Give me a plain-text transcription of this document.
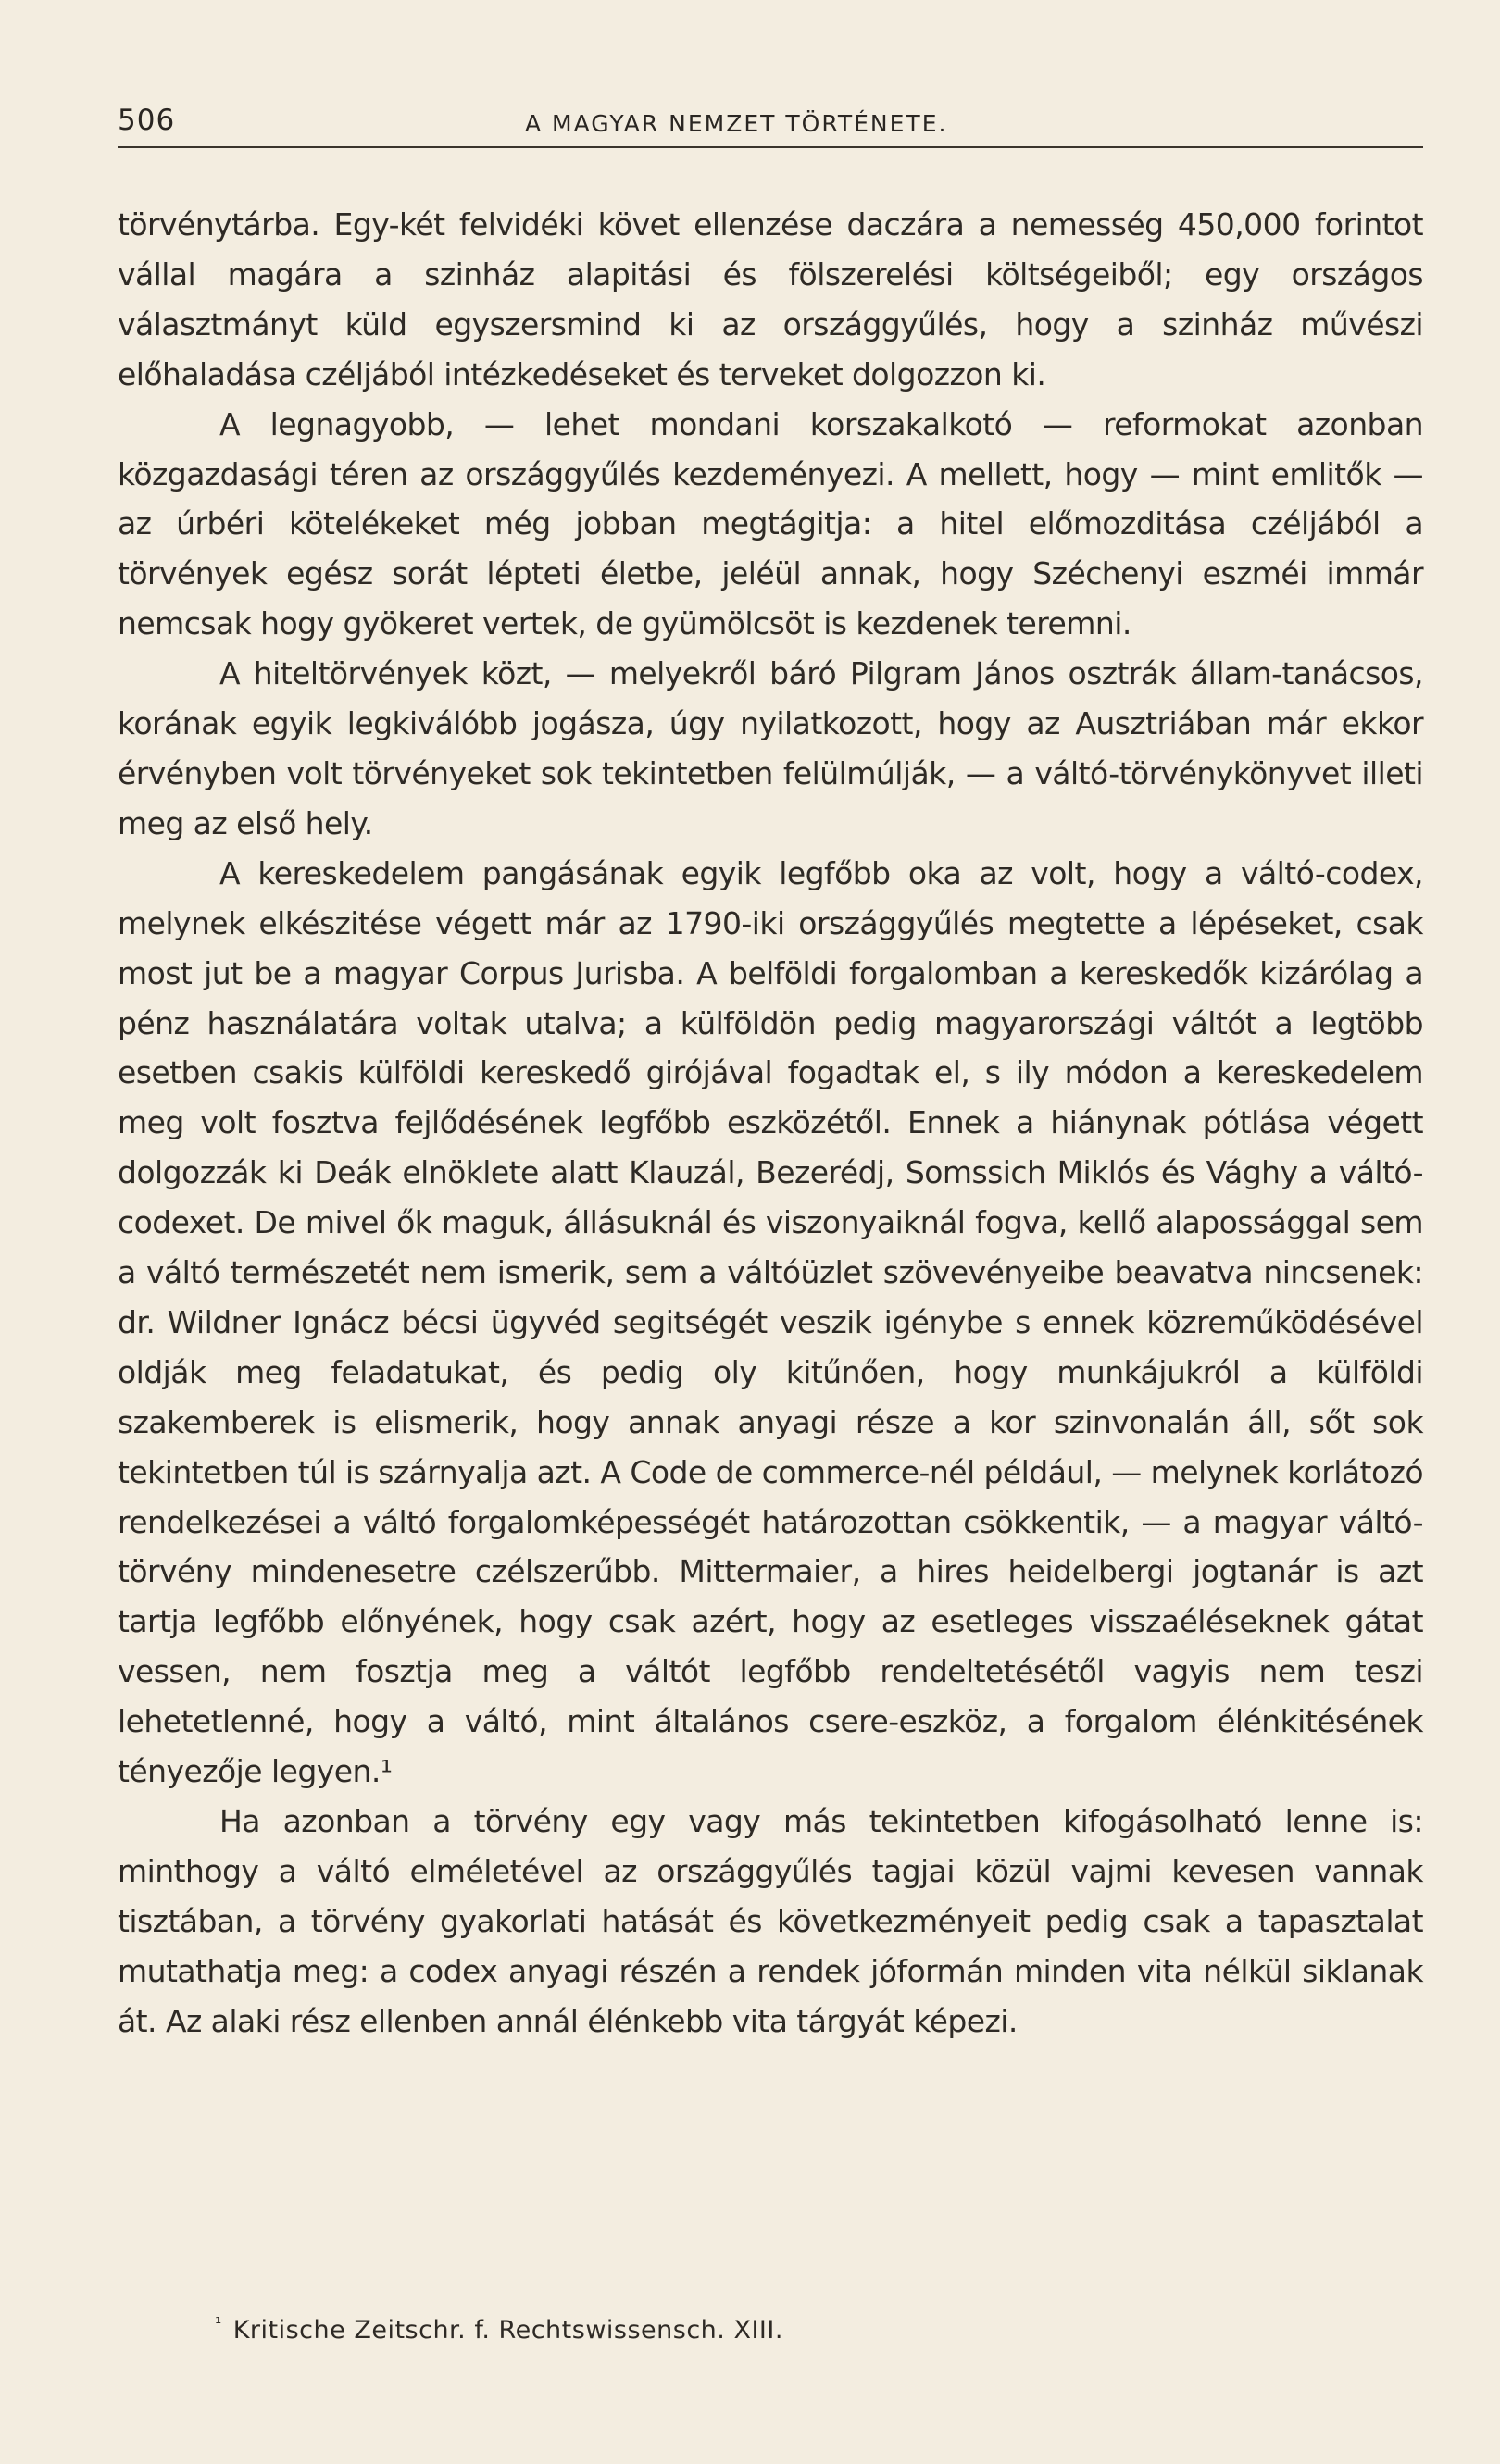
506	A MAGYAR NEMZET TÖRTÉNETE.

törvénytárba. Egy-két felvidéki követ ellenzése daczára a nemesség 450,000 forintot vállal magára a szinház alapitási és fölszerelési költségeiből; egy országos választmányt küld egyszersmind ki az országgyűlés, hogy a szinház művészi előhaladása czéljából intézkedéseket és terveket dolgozzon ki.

A legnagyobb, — lehet mondani korszakalkotó — reformokat azonban közgazdasági téren az országgyűlés kezdeményezi. A mellett, hogy — mint emlitők — az úrbéri kötelékeket még jobban megtágitja: a hitel előmozditása czéljából a törvények egész sorát lépteti életbe, jeléül annak, hogy Széchenyi eszméi immár nemcsak hogy gyökeret vertek, de gyümölcsöt is kezdenek teremni.

A hiteltörvények közt, — melyekről báró Pilgram János osztrák állam-tanácsos, korának egyik legkiválóbb jogásza, úgy nyilatkozott, hogy az Ausztriában már ekkor érvényben volt törvényeket sok tekintetben felülmúlják, — a váltó-törvénykönyvet illeti meg az első hely.

A kereskedelem pangásának egyik legfőbb oka az volt, hogy a váltó-codex, melynek elkészitése végett már az 1790-iki országgyűlés megtette a lépéseket, csak most jut be a magyar Corpus Jurisba. A belföldi forgalomban a kereskedők kizárólag a pénz használatára voltak utalva; a külföldön pedig magyarországi váltót a legtöbb esetben csakis külföldi kereskedő girójával fogadtak el, s ily módon a kereskedelem meg volt fosztva fejlődésének legfőbb eszközétől. Ennek a hiánynak pótlása végett dolgozzák ki Deák elnöklete alatt Klauzál, Bezerédj, Somssich Miklós és Vághy a váltó-codexet. De mivel ők maguk, állásuknál és viszonyaiknál fogva, kellő alapossággal sem a váltó természetét nem ismerik, sem a váltóüzlet szövevényeibe beavatva nincsenek: dr. Wildner Ignácz bécsi ügyvéd segitségét veszik igénybe s ennek közreműködésével oldják meg feladatukat, és pedig oly kitűnően, hogy munkájukról a külföldi szakemberek is elismerik, hogy annak anyagi része a kor szinvonalán áll, sőt sok tekintetben túl is szárnyalja azt. A Code de commerce-nél például, — melynek korlátozó rendelkezései a váltó forgalomképességét határozottan csökkentik, — a magyar váltó-törvény mindenesetre czélszerűbb. Mittermaier, a hires heidelbergi jogtanár is azt tartja legfőbb előnyének, hogy csak azért, hogy az esetleges visszaéléseknek gátat vessen, nem fosztja meg a váltót legfőbb rendeltetésétől vagyis nem teszi lehetetlenné, hogy a váltó, mint általános csere-eszköz, a forgalom élénkitésének tényezője legyen.¹

Ha azonban a törvény egy vagy más tekintetben kifogásolható lenne is: minthogy a váltó elméletével az országgyűlés tagjai közül vajmi kevesen vannak tisztában, a törvény gyakorlati hatását és következményeit pedig csak a tapasztalat mutathatja meg: a codex anyagi részén a rendek jóformán minden vita nélkül siklanak át. Az alaki rész ellenben annál élénkebb vita tárgyát képezi.

$^{^1}$ Kritische Zeitschr. f. Rechtswissensch. XIII.
